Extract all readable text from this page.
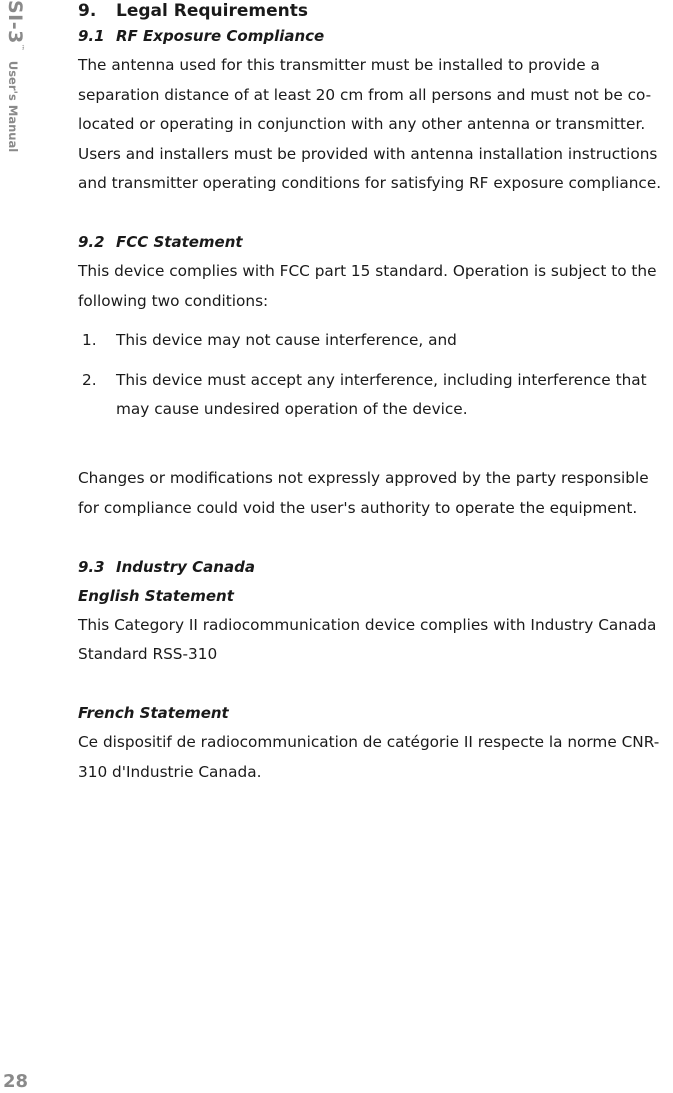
SI-3™User's Manual
28
9. Legal Requirements
9.1 RF Exposure Compliance

The antenna used for this transmitter must be installed to provide a separation distance of at least 20 cm from all persons and must not be co-located or operating in conjunction with any other antenna or transmitter. Users and installers must be provided with antenna installation instructions and transmitter operating conditions for satisfying RF exposure compliance.

9.2 FCC Statement

This device complies with FCC part 15 standard. Operation is subject to the following two conditions:

1. This device may not cause interference, and
2. This device must accept any interference, including interference that may cause undesired operation of the device.

Changes or modifications not expressly approved by the party responsible for compliance could void the user's authority to operate the equipment.

9.3 Industry Canada
English Statement

This Category II radiocommunication device complies with Industry Canada Standard RSS-310

French Statement

Ce dispositif de radiocommunication de catégorie II respecte la norme CNR-310 d'Industrie Canada.
